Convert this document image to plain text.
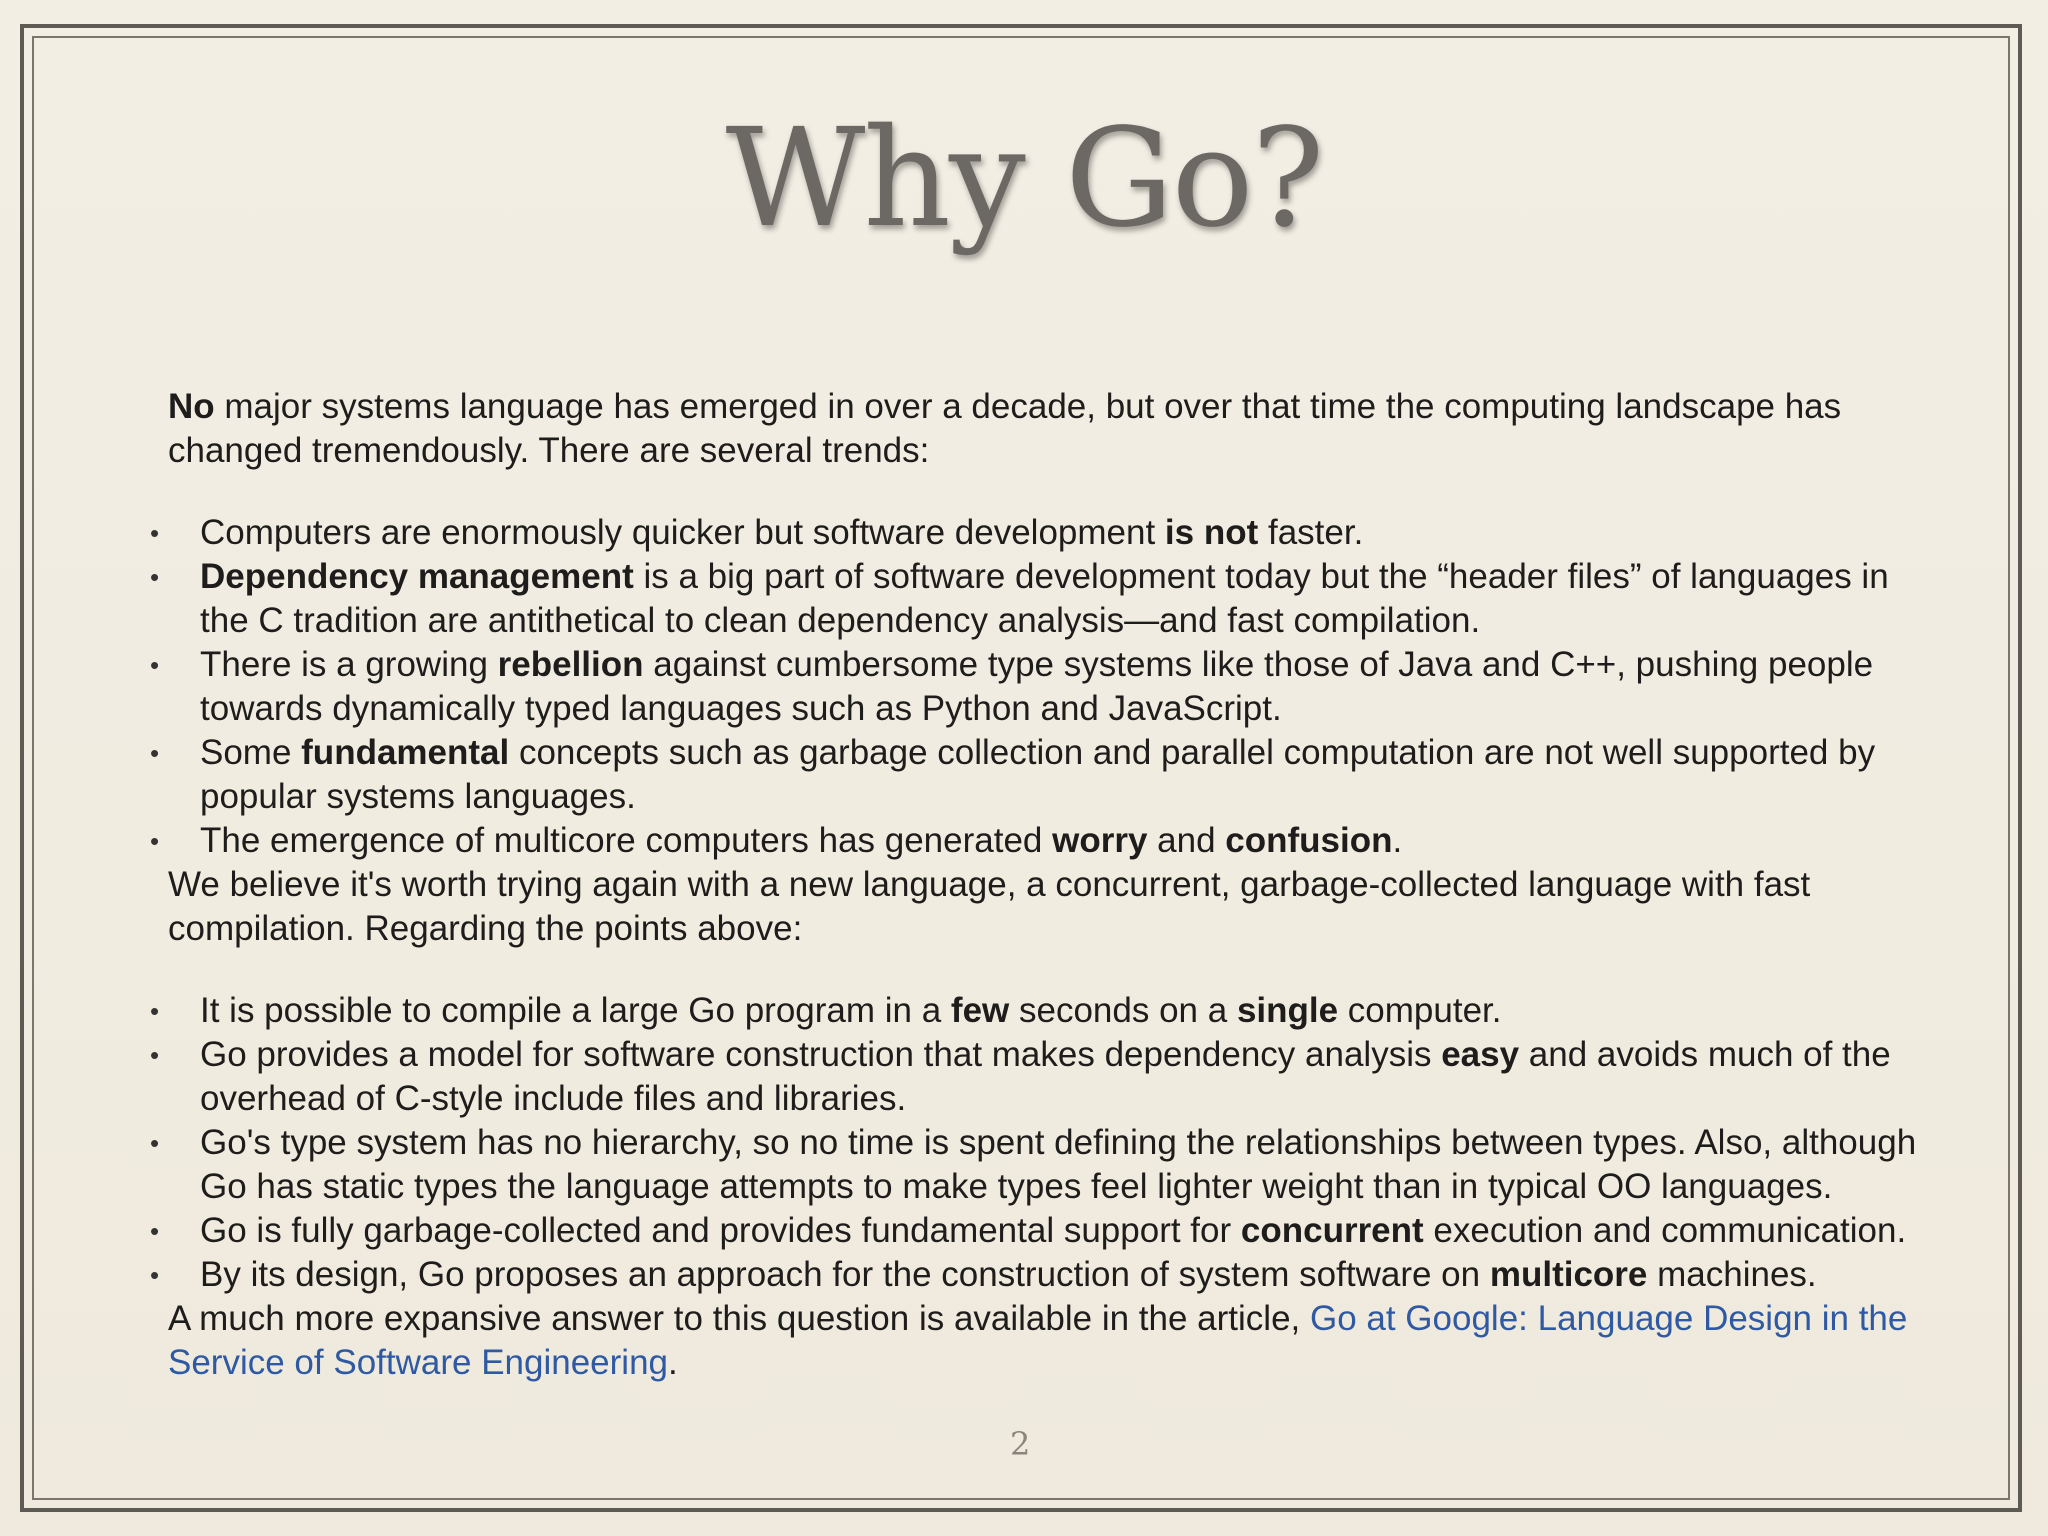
Why Go?

No major systems language has emerged in over a decade, but over that time the computing landscape has changed tremendously. There are several trends:

• Computers are enormously quicker but software development is not faster.
• Dependency management is a big part of software development today but the “header files” of languages in the C tradition are antithetical to clean dependency analysis—and fast compilation.
• There is a growing rebellion against cumbersome type systems like those of Java and C++, pushing people towards dynamically typed languages such as Python and JavaScript.
• Some fundamental concepts such as garbage collection and parallel computation are not well supported by popular systems languages.
• The emergence of multicore computers has generated worry and confusion.

We believe it's worth trying again with a new language, a concurrent, garbage-collected language with fast compilation. Regarding the points above:

• It is possible to compile a large Go program in a few seconds on a single computer.
• Go provides a model for software construction that makes dependency analysis easy and avoids much of the overhead of C-style include files and libraries.
• Go's type system has no hierarchy, so no time is spent defining the relationships between types. Also, although Go has static types the language attempts to make types feel lighter weight than in typical OO languages.
• Go is fully garbage-collected and provides fundamental support for concurrent execution and communication.
• By its design, Go proposes an approach for the construction of system software on multicore machines.

A much more expansive answer to this question is available in the article, Go at Google: Language Design in the Service of Software Engineering.

2
